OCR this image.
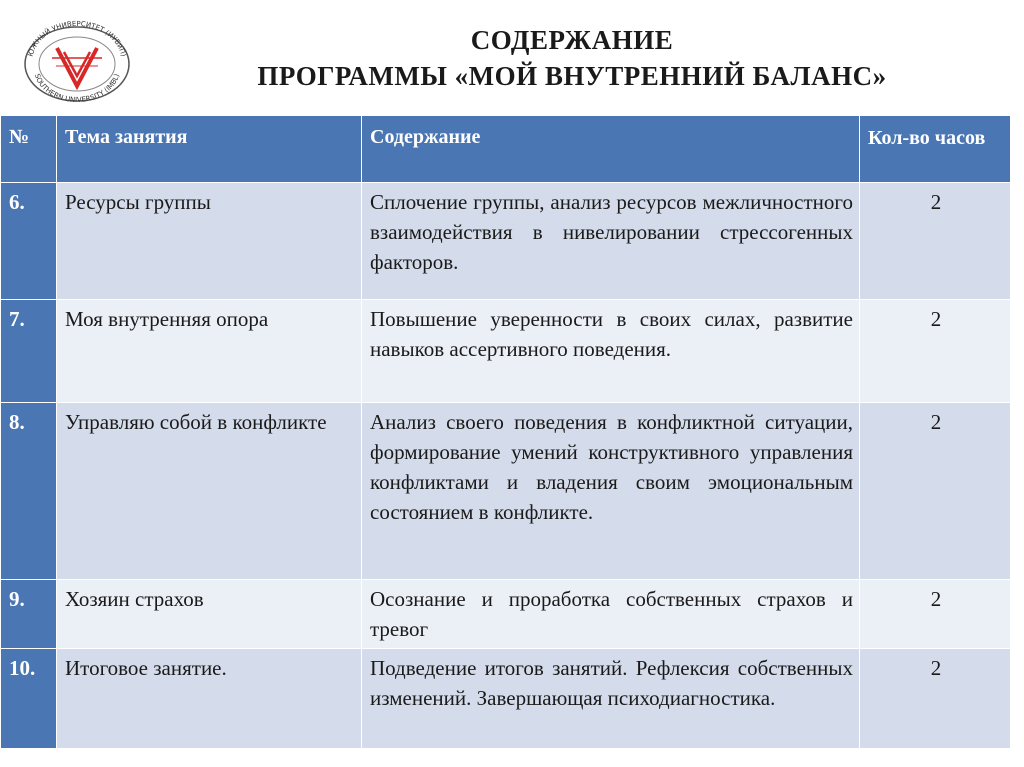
ЮЖНЫЙ УНИВЕРСИТЕТ (ИУБиП)
SOUTHERN UNIVERSITY (IMBL)
СОДЕРЖАНИЕ
ПРОГРАММЫ «МОЙ ВНУТРЕННИЙ БАЛАНС»
№	Тема занятия	Содержание	Кол-во часов
6.	Ресурсы группы	Сплочение группы, анализ ресурсов межличностного взаимодействия в нивелировании стрессогенных факторов.	2
7.	Моя внутренняя опора	Повышение уверенности в своих силах, развитие навыков ассертивного поведения.	2
8.	Управляю собой в конфликте	Анализ своего поведения в конфликтной ситуации, формирование умений конструктивного управления конфликтами и владения своим эмоциональным состоянием в конфликте.	2
9.	Хозяин страхов	Осознание и проработка собственных страхов и тревог	2
10.	Итоговое занятие.	Подведение итогов занятий. Рефлексия собственных изменений. Завершающая психодиагностика.	2
